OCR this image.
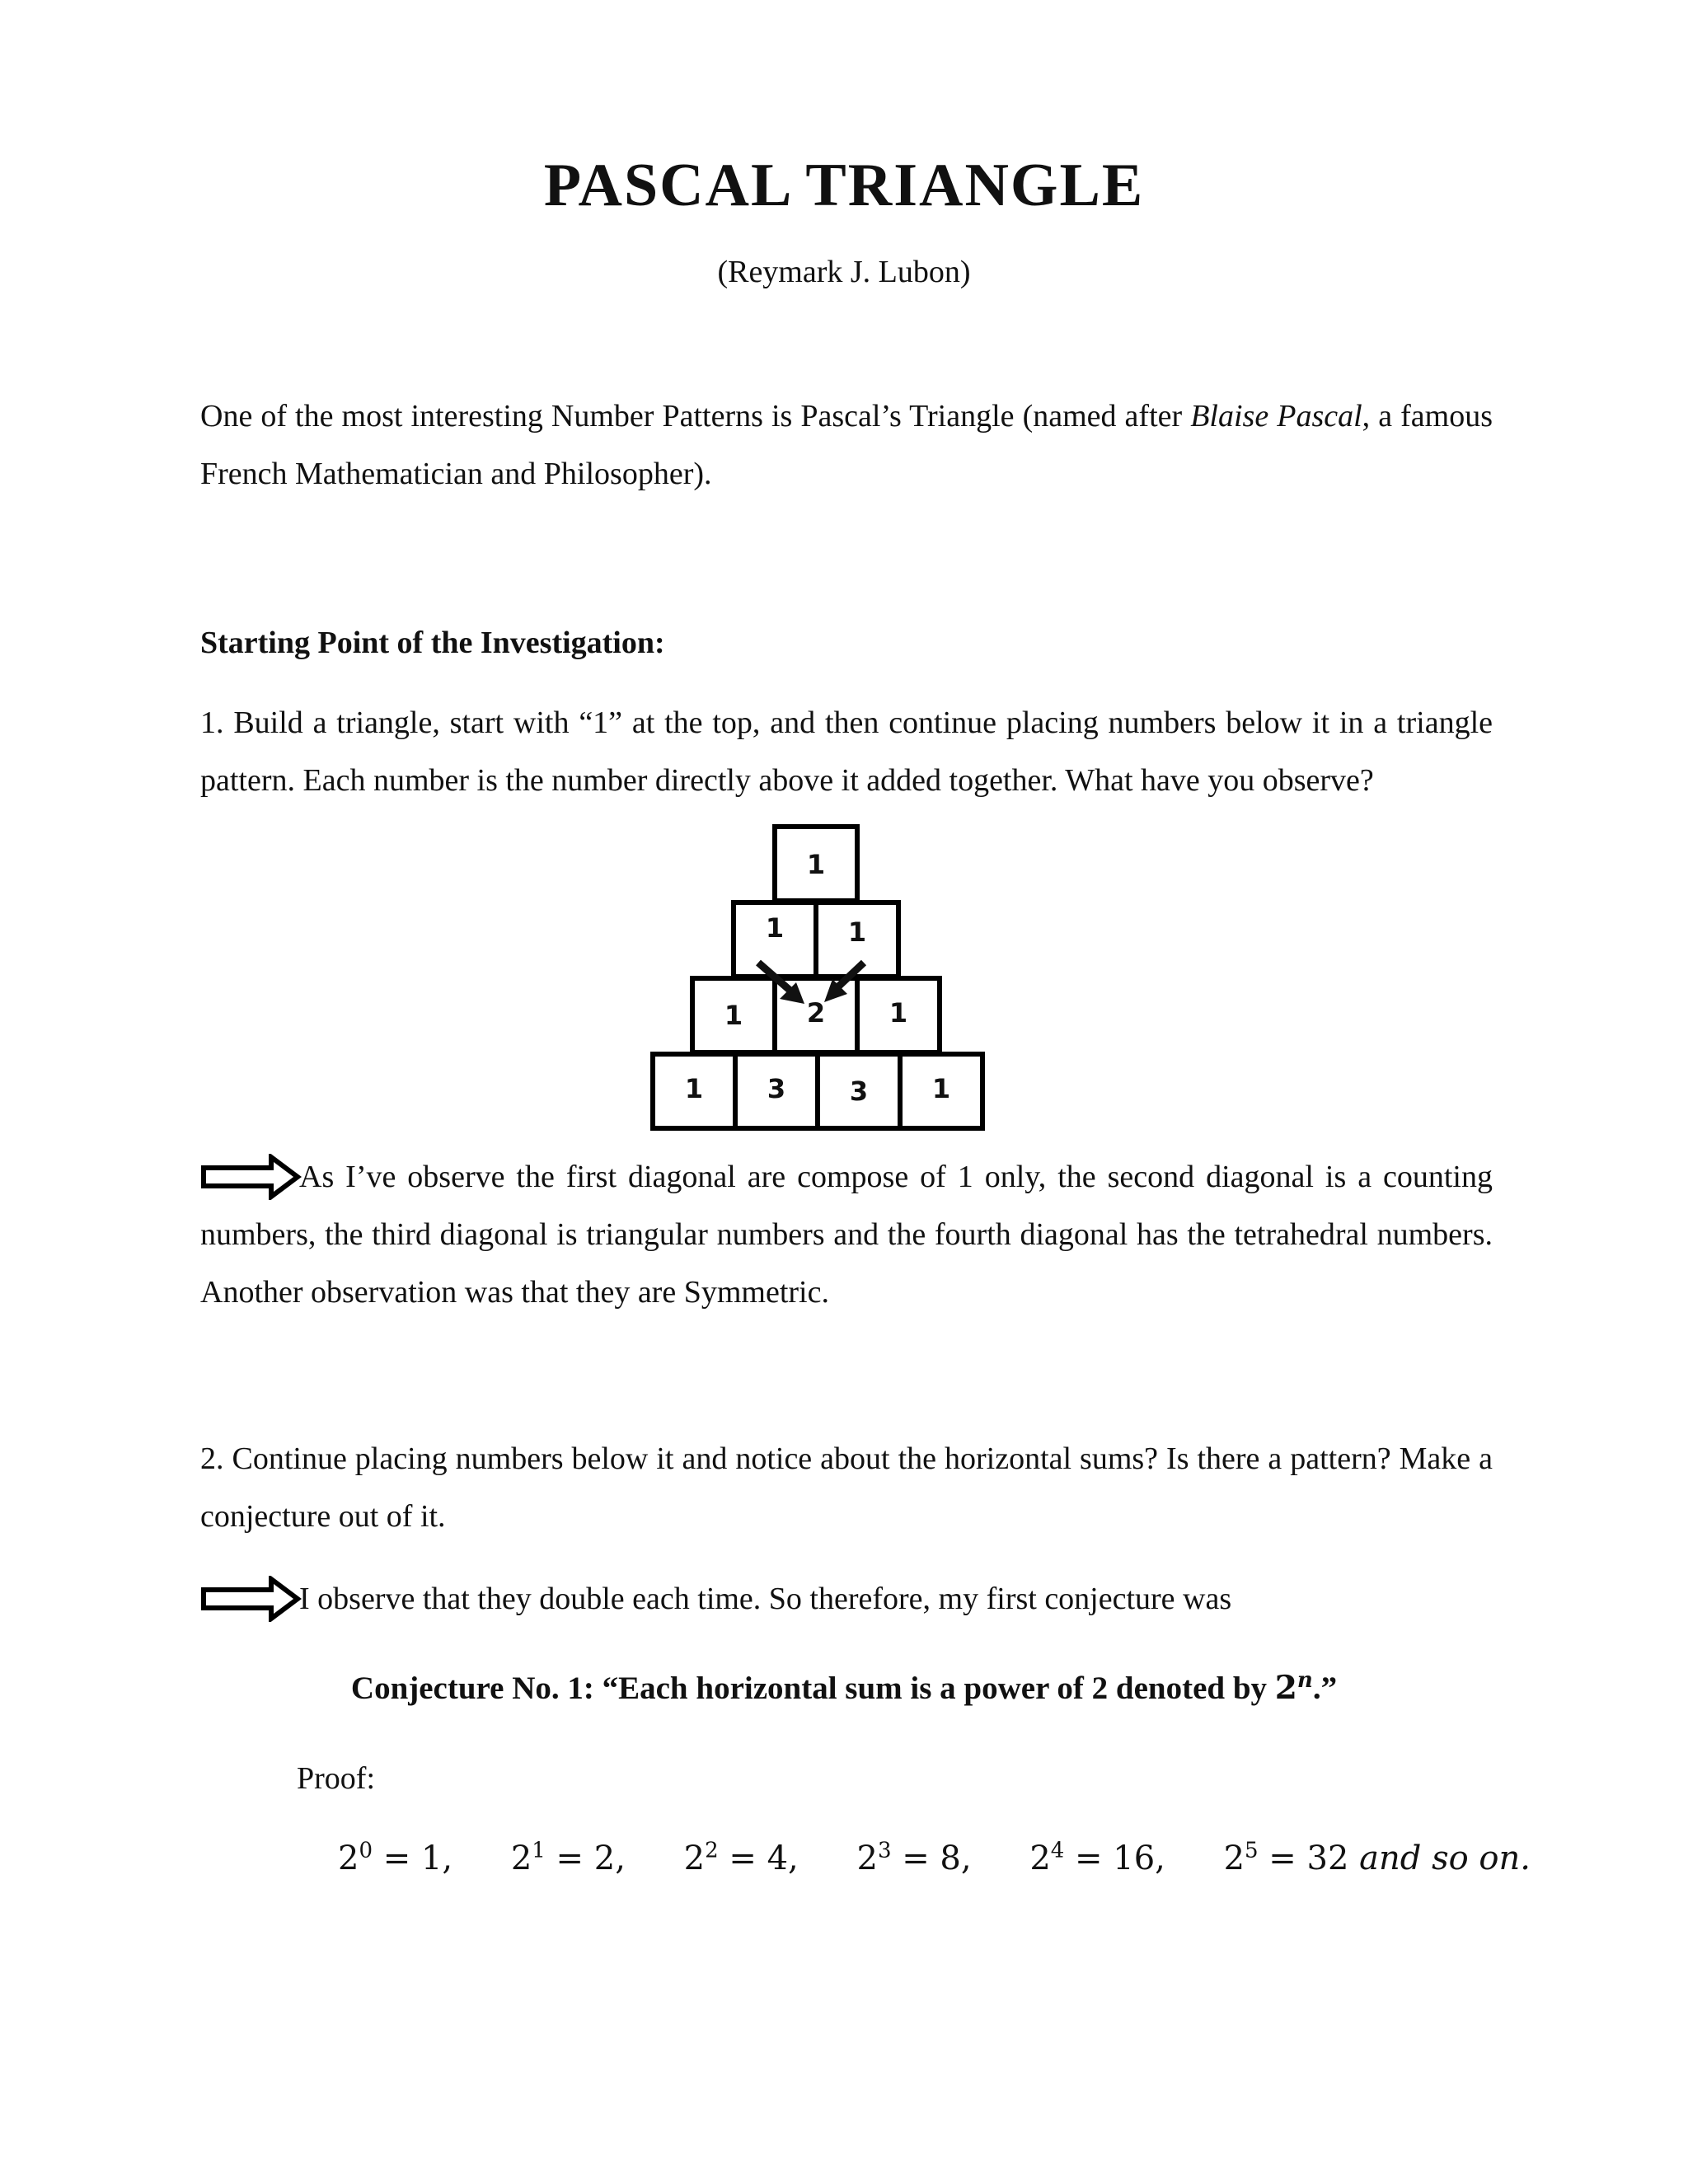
PASCAL TRIANGLE
(Reymark J. Lubon)

One of the most interesting Number Patterns is Pascal’s Triangle (named after Blaise Pascal, a famous French Mathematician and Philosopher).

Starting Point of the Investigation:

1. Build a triangle, start with “1” at the top, and then continue placing numbers below it in a triangle pattern. Each number is the number directly above it added together. What have you observe?

1
1 1
1 2 1
1 3 3 1

As I’ve observe the first diagonal are compose of 1 only, the second diagonal is a counting numbers, the third diagonal is triangular numbers and the fourth diagonal has the tetrahedral numbers. Another observation was that they are Symmetric.

2. Continue placing numbers below it and notice about the horizontal sums? Is there a pattern? Make a conjecture out of it.

I observe that they double each time. So therefore, my first conjecture was
Conjecture No. 1: “Each horizontal sum is a power of 2 denoted by 2$^n$.”
Proof:
$2^0 = 1$, $2^1 = 2$, $2^2 = 4$, $2^3 = 8$, $2^4 = 16$, $2^5 = 32$ and so on.
